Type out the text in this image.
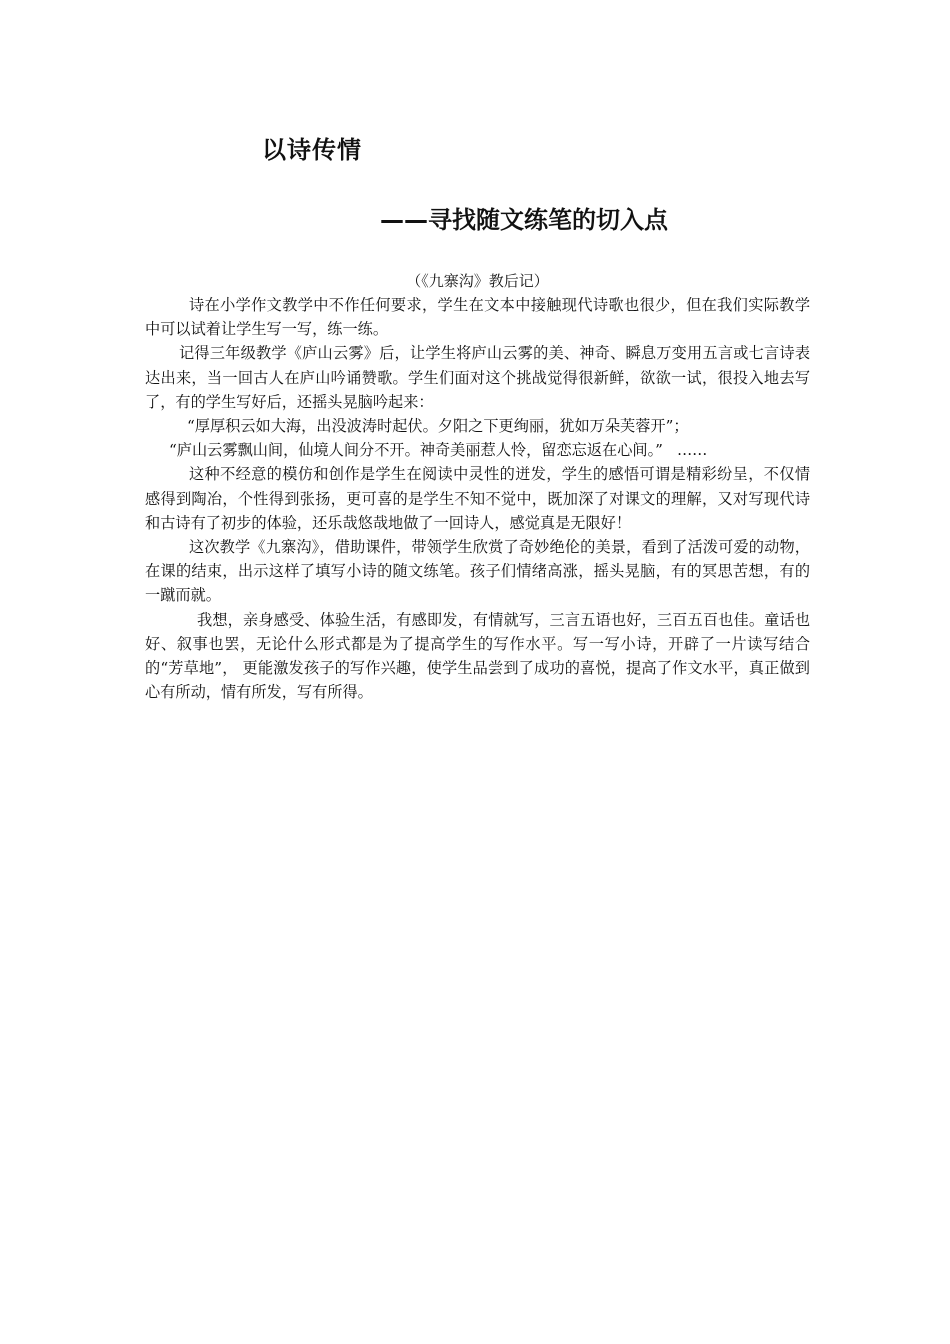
以诗传情
——寻找随文练笔的切入点

（《九寨沟》教后记）

诗在小学作文教学中不作任何要求，学生在文本中接触现代诗歌也很少，但在我们实际教学中可以试着让学生写一写，练一练。

记得三年级教学《庐山云雾》后，让学生将庐山云雾的美、神奇、瞬息万变用五言或七言诗表达出来，当一回古人在庐山吟诵赞歌。学生们面对这个挑战觉得很新鲜，欲欲一试，很投入地去写了，有的学生写好后，还摇头晃脑吟起来：

“厚厚积云如大海，出没波涛时起伏。夕阳之下更绚丽，犹如万朵芙蓉开”；

“庐山云雾飘山间，仙境人间分不开。神奇美丽惹人怜，留恋忘返在心间。” ……

这种不经意的模仿和创作是学生在阅读中灵性的迸发，学生的感悟可谓是精彩纷呈，不仅情感得到陶冶，个性得到张扬，更可喜的是学生不知不觉中，既加深了对课文的理解，又对写现代诗和古诗有了初步的体验，还乐哉悠哉地做了一回诗人，感觉真是无限好！

这次教学《九寨沟》，借助课件，带领学生欣赏了奇妙绝伦的美景，看到了活泼可爱的动物，在课的结束，出示这样了填写小诗的随文练笔。孩子们情绪高涨，摇头晃脑，有的冥思苦想，有的一蹴而就。

我想，亲身感受、体验生活，有感即发，有情就写，三言五语也好，三百五百也佳。童话也好、叙事也罢，无论什么形式都是为了提高学生的写作水平。写一写小诗，开辟了一片读写结合的“芳草地”， 更能激发孩子的写作兴趣，使学生品尝到了成功的喜悦，提高了作文水平，真正做到心有所动，情有所发，写有所得。
